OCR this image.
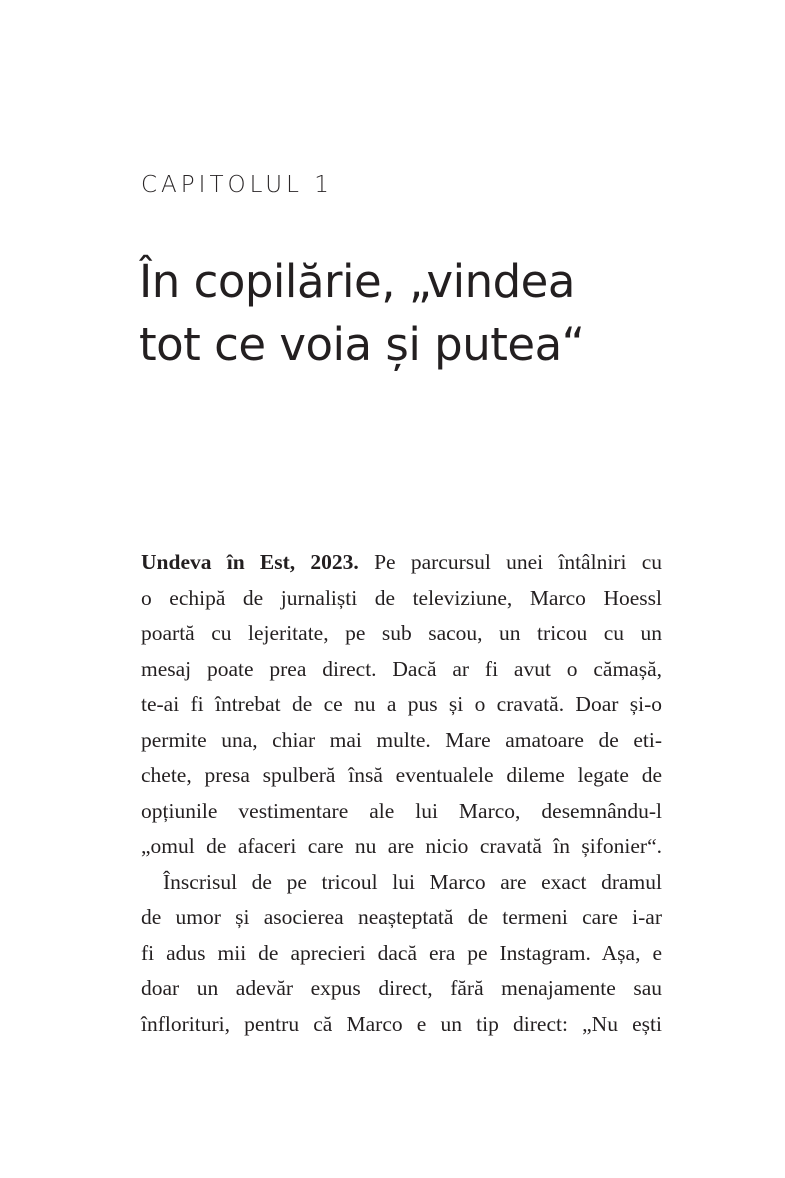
CAPITOLUL 1
În copilărie, „vindea
tot ce voia și putea“
Undeva în Est, 2023. Pe parcursul unei întâlniri cu
o echipă de jurnaliști de televiziune, Marco Hoessl
poartă cu lejeritate, pe sub sacou, un tricou cu un
mesaj poate prea direct. Dacă ar fi avut o cămașă,
te-ai fi întrebat de ce nu a pus și o cravată. Doar și-o
permite una, chiar mai multe. Mare amatoare de eti-
chete, presa spulberă însă eventualele dileme legate de
opțiunile vestimentare ale lui Marco, desemnându-l
„omul de afaceri care nu are nicio cravată în șifonier“.
Înscrisul de pe tricoul lui Marco are exact dramul
de umor și asocierea neașteptată de termeni care i-ar
fi adus mii de aprecieri dacă era pe Instagram. Așa, e
doar un adevăr expus direct, fără menajamente sau
înflorituri, pentru că Marco e un tip direct: „Nu ești
